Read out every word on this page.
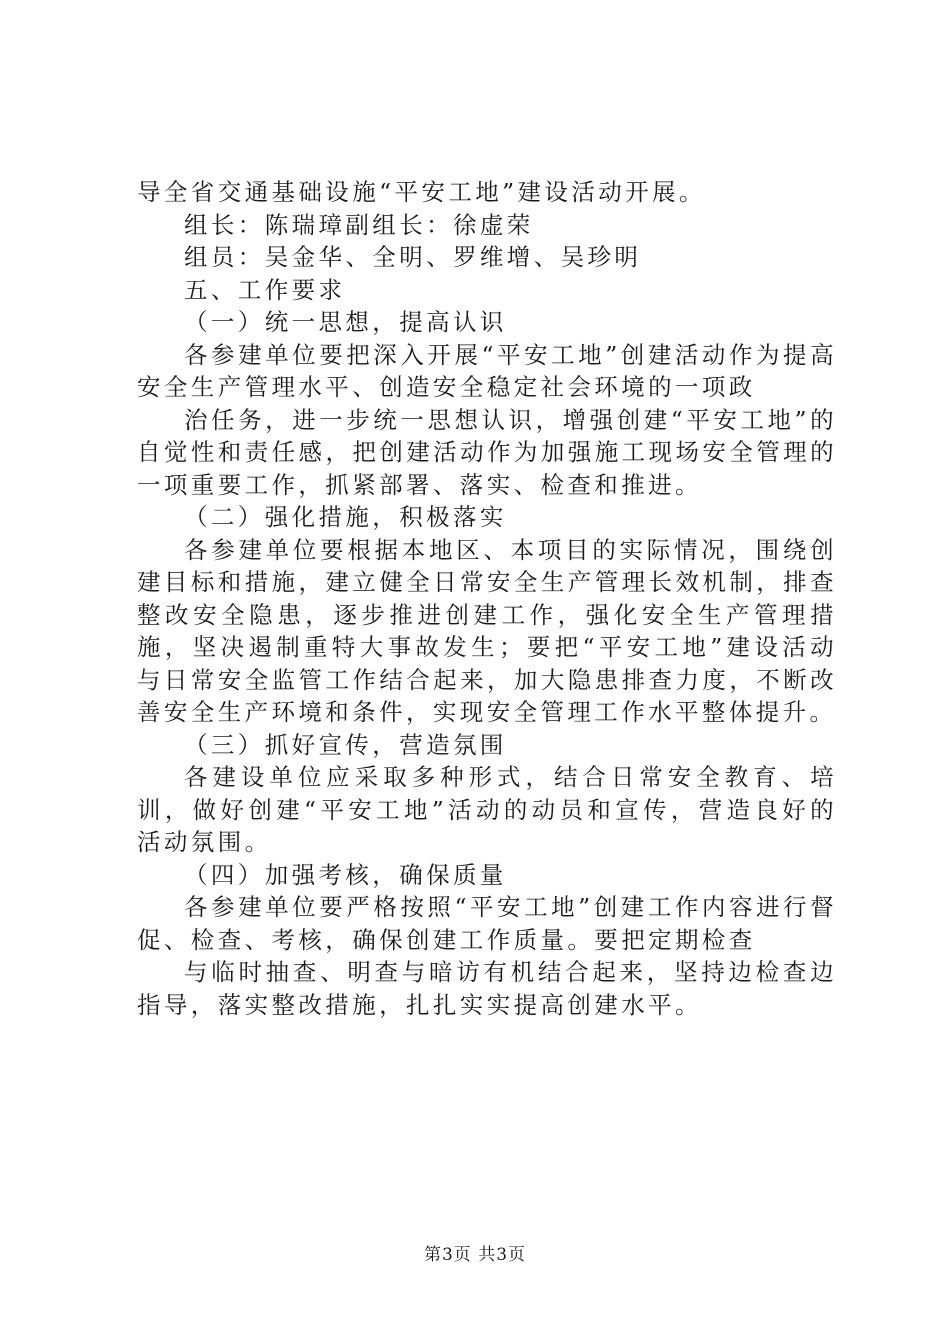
导全省交通基础设施“平安工地”建设活动开展。

组长：陈瑞璋副组长：徐虚荣

组员：吴金华、全明、罗维增、吴珍明

五、工作要求

（一）统一思想，提高认识

各参建单位要把深入开展“平安工地”创建活动作为提高安全生产管理水平、创造安全稳定社会环境的一项政

治任务，进一步统一思想认识，增强创建“平安工地”的自觉性和责任感，把创建活动作为加强施工现场安全管理的一项重要工作，抓紧部署、落实、检查和推进。

（二）强化措施，积极落实

各参建单位要根据本地区、本项目的实际情况，围绕创建目标和措施，建立健全日常安全生产管理长效机制，排查整改安全隐患，逐步推进创建工作，强化安全生产管理措施，坚决遏制重特大事故发生；要把“平安工地”建设活动与日常安全监管工作结合起来，加大隐患排查力度，不断改善安全生产环境和条件，实现安全管理工作水平整体提升。

（三）抓好宣传，营造氛围

各建设单位应采取多种形式，结合日常安全教育、培训，做好创建“平安工地”活动的动员和宣传，营造良好的活动氛围。

（四）加强考核，确保质量

各参建单位要严格按照“平安工地”创建工作内容进行督促、检查、考核，确保创建工作质量。要把定期检查

与临时抽查、明查与暗访有机结合起来，坚持边检查边指导，落实整改措施，扎扎实实提高创建水平。

第3页 共3页
